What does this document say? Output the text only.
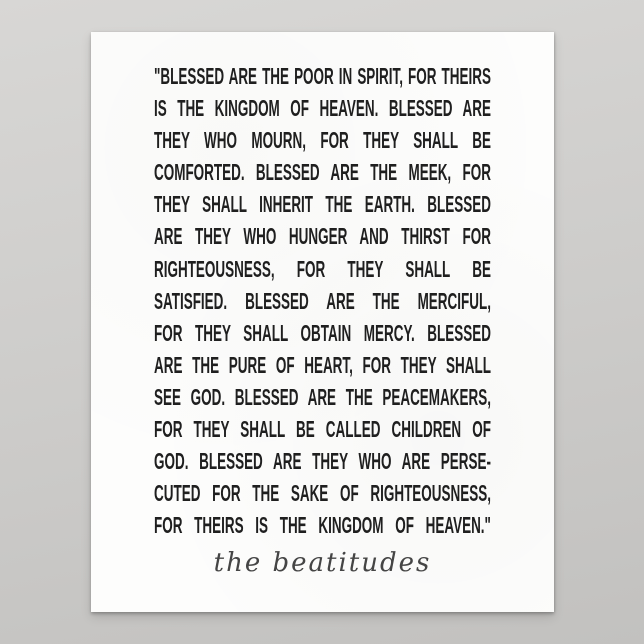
"BLESSED ARE THE POOR IN SPIRIT, FOR THEIRS
IS THE KINGDOM OF HEAVEN. BLESSED ARE
THEY WHO MOURN, FOR THEY SHALL BE
COMFORTED. BLESSED ARE THE MEEK, FOR
THEY SHALL INHERIT THE EARTH. BLESSED
ARE THEY WHO HUNGER AND THIRST FOR
RIGHTEOUSNESS, FOR THEY SHALL BE
SATISFIED. BLESSED ARE THE MERCIFUL,
FOR THEY SHALL OBTAIN MERCY. BLESSED
ARE THE PURE OF HEART, FOR THEY SHALL
SEE GOD. BLESSED ARE THE PEACEMAKERS,
FOR THEY SHALL BE CALLED CHILDREN OF
GOD. BLESSED ARE THEY WHO ARE PERSE-
CUTED FOR THE SAKE OF RIGHTEOUSNESS,
FOR THEIRS IS THE KINGDOM OF HEAVEN."
the beatitudes
